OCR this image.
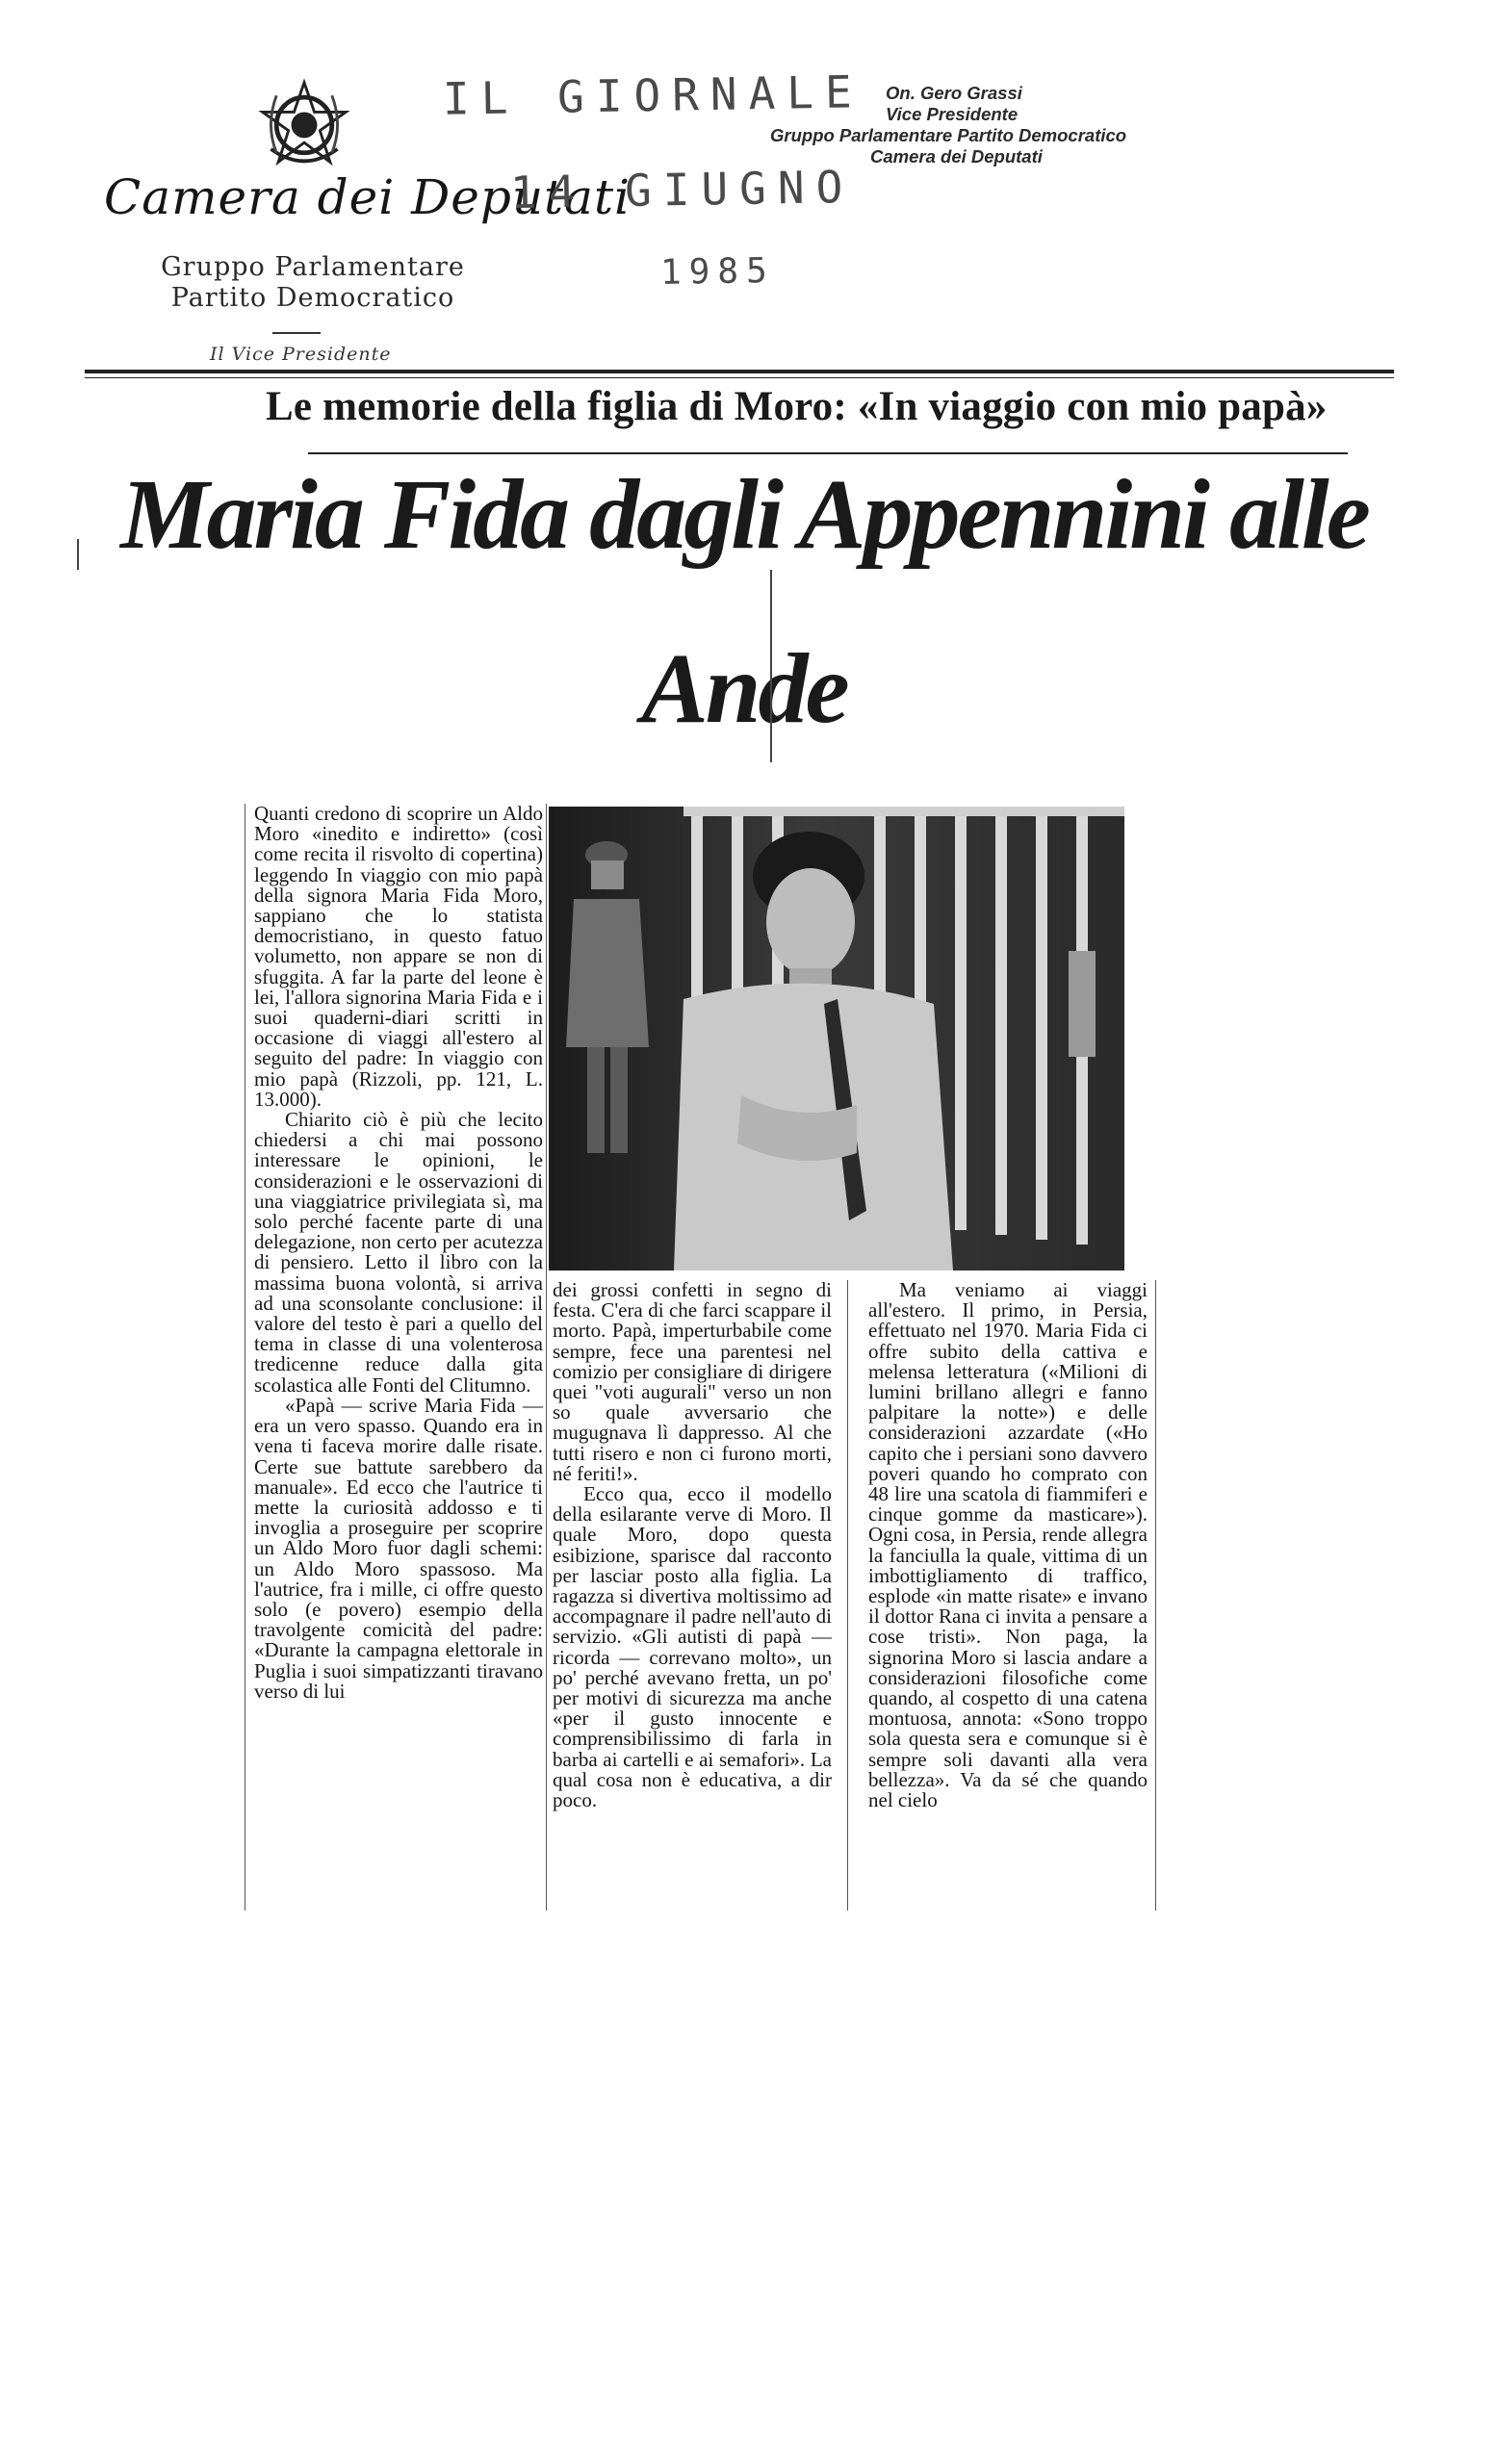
Camera dei Deputati
Gruppo Parlamentare
Partito Democratico
Il Vice Presidente
IL GIORNALE
14 GIUGNO
1985
On. Gero Grassi
Vice Presidente
Gruppo Parlamentare Partito Democratico
Camera dei Deputati
Le memorie della figlia di Moro: «In viaggio con mio papà»
Maria Fida dagli Appennini alle
Ande

Quanti credono di scoprire un Aldo Moro «inedito e indiretto» (così come recita il risvolto di copertina) leggendo In viaggio con mio papà della signora Maria Fida Moro, sappiano che lo statista democristiano, in questo fatuo volumetto, non appare se non di sfuggita. A far la parte del leone è lei, l'allora signorina Maria Fida e i suoi quaderni-diari scritti in occasione di viaggi all'estero al seguito del padre: In viaggio con mio papà (Rizzoli, pp. 121, L. 13.000).

Chiarito ciò è più che lecito chiedersi a chi mai possono interessare le opinioni, le considerazioni e le osservazioni di una viaggiatrice privilegiata sì, ma solo perché facente parte di una delegazione, non certo per acutezza di pensiero. Letto il libro con la massima buona volontà, si arriva ad una sconsolante conclusione: il valore del testo è pari a quello del tema in classe di una volenterosa tredicenne reduce dalla gita scolastica alle Fonti del Clitumno.

«Papà — scrive Maria Fida — era un vero spasso. Quando era in vena ti faceva morire dalle risate. Certe sue battute sarebbero da manuale». Ed ecco che l'autrice ti mette la curiosità addosso e ti invoglia a proseguire per scoprire un Aldo Moro fuor dagli schemi: un Aldo Moro spassoso. Ma l'autrice, fra i mille, ci offre questo solo (e povero) esempio della travolgente comicità del padre: «Durante la campagna elettorale in Puglia i suoi simpatizzanti tiravano verso di lui

dei grossi confetti in segno di festa. C'era di che farci scappare il morto. Papà, imperturbabile come sempre, fece una parentesi nel comizio per consigliare di dirigere quei "voti augurali" verso un non so quale avversario che mugugnava lì dappresso. Al che tutti risero e non ci furono morti, né feriti!».

Ecco qua, ecco il modello della esilarante verve di Moro. Il quale Moro, dopo questa esibizione, sparisce dal racconto per lasciar posto alla figlia. La ragazza si divertiva moltissimo ad accompagnare il padre nell'auto di servizio. «Gli autisti di papà — ricorda — correvano molto», un po' perché avevano fretta, un po' per motivi di sicurezza ma anche «per il gusto innocente e comprensibilissimo di farla in barba ai cartelli e ai semafori». La qual cosa non è educativa, a dir poco.

Ma veniamo ai viaggi all'estero. Il primo, in Persia, effettuato nel 1970. Maria Fida ci offre subito della cattiva e melensa letteratura («Milioni di lumini brillano allegri e fanno palpitare la notte») e delle considerazioni azzardate («Ho capito che i persiani sono davvero poveri quando ho comprato con 48 lire una scatola di fiammiferi e cinque gomme da masticare»). Ogni cosa, in Persia, rende allegra la fanciulla la quale, vittima di un imbottigliamento di traffico, esplode «in matte risate» e invano il dottor Rana ci invita a pensare a cose tristi». Non paga, la signorina Moro si lascia andare a considerazioni filosofiche come quando, al cospetto di una catena montuosa, annota: «Sono troppo sola questa sera e comunque si è sempre soli davanti alla vera bellezza». Va da sé che quando nel cielo
